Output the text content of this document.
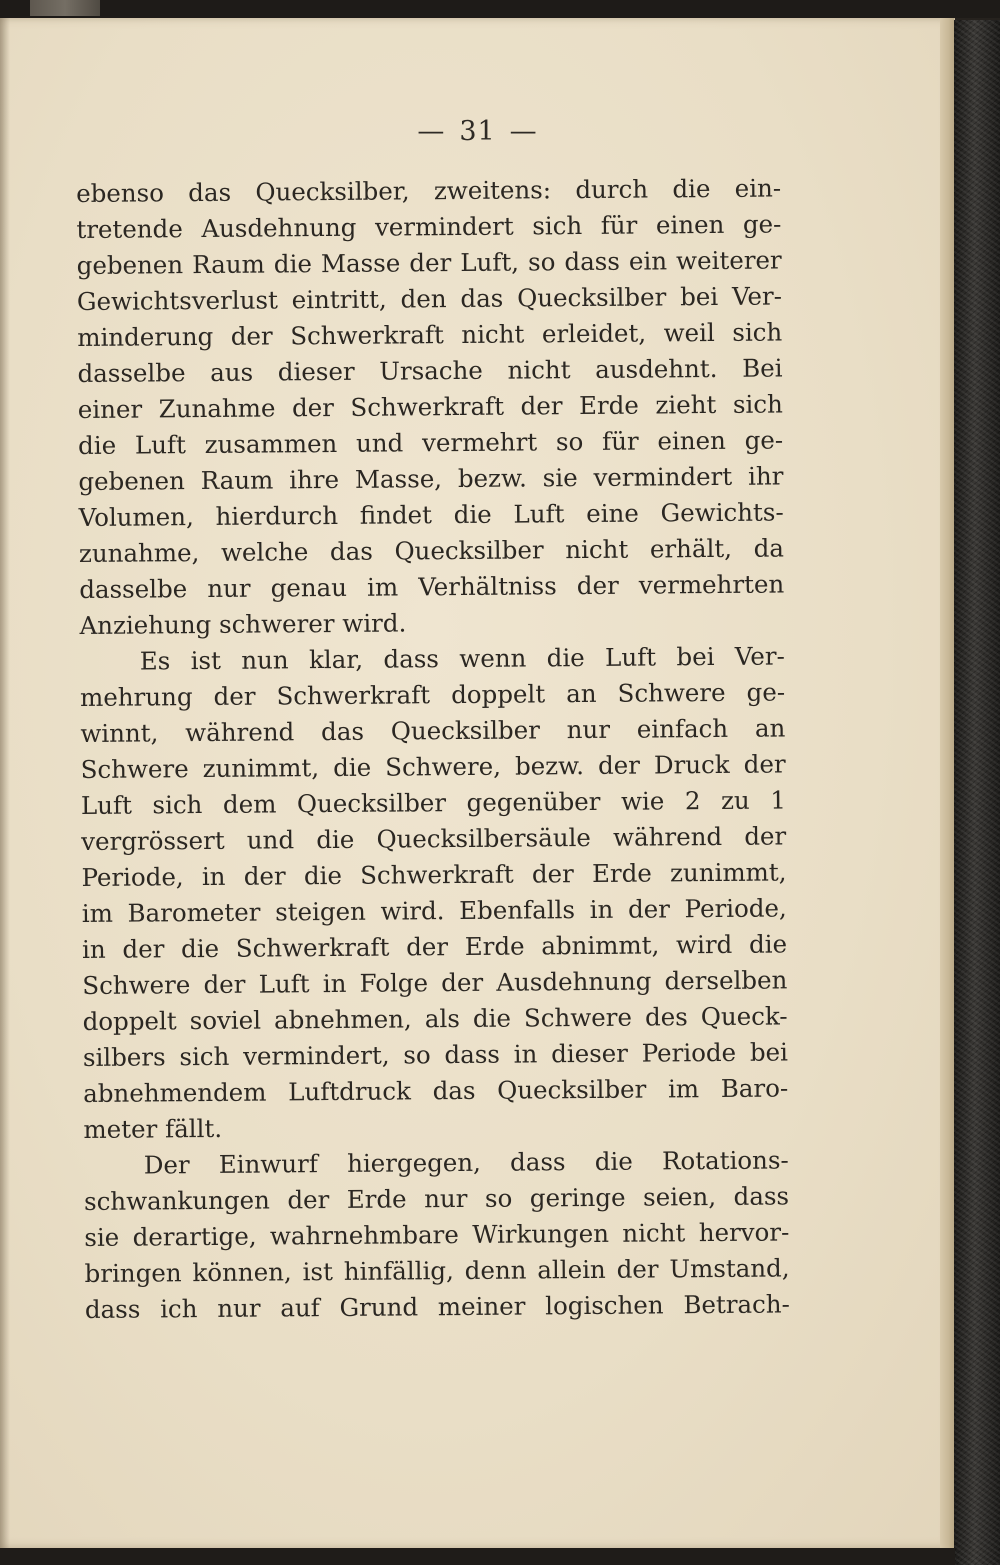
— 31 —
ebenso das Quecksilber, zweitens: durch die ein-
tretende Ausdehnung vermindert sich für einen ge-
gebenen Raum die Masse der Luft, so dass ein weiterer
Gewichtsverlust eintritt, den das Quecksilber bei Ver-
minderung der Schwerkraft nicht erleidet, weil sich
dasselbe aus dieser Ursache nicht ausdehnt. Bei
einer Zunahme der Schwerkraft der Erde zieht sich
die Luft zusammen und vermehrt so für einen ge-
gebenen Raum ihre Masse, bezw. sie vermindert ihr
Volumen, hierdurch findet die Luft eine Gewichts-
zunahme, welche das Quecksilber nicht erhält, da
dasselbe nur genau im Verhältniss der vermehrten
Anziehung schwerer wird.
Es ist nun klar, dass wenn die Luft bei Ver-
mehrung der Schwerkraft doppelt an Schwere ge-
winnt, während das Quecksilber nur einfach an
Schwere zunimmt, die Schwere, bezw. der Druck der
Luft sich dem Quecksilber gegenüber wie 2 zu 1
vergrössert und die Quecksilbersäule während der
Periode, in der die Schwerkraft der Erde zunimmt,
im Barometer steigen wird. Ebenfalls in der Periode,
in der die Schwerkraft der Erde abnimmt, wird die
Schwere der Luft in Folge der Ausdehnung derselben
doppelt soviel abnehmen, als die Schwere des Queck-
silbers sich vermindert, so dass in dieser Periode bei
abnehmendem Luftdruck das Quecksilber im Baro-
meter fällt.
Der Einwurf hiergegen, dass die Rotations-
schwankungen der Erde nur so geringe seien, dass
sie derartige, wahrnehmbare Wirkungen nicht hervor-
bringen können, ist hinfällig, denn allein der Umstand,
dass ich nur auf Grund meiner logischen Betrach-
